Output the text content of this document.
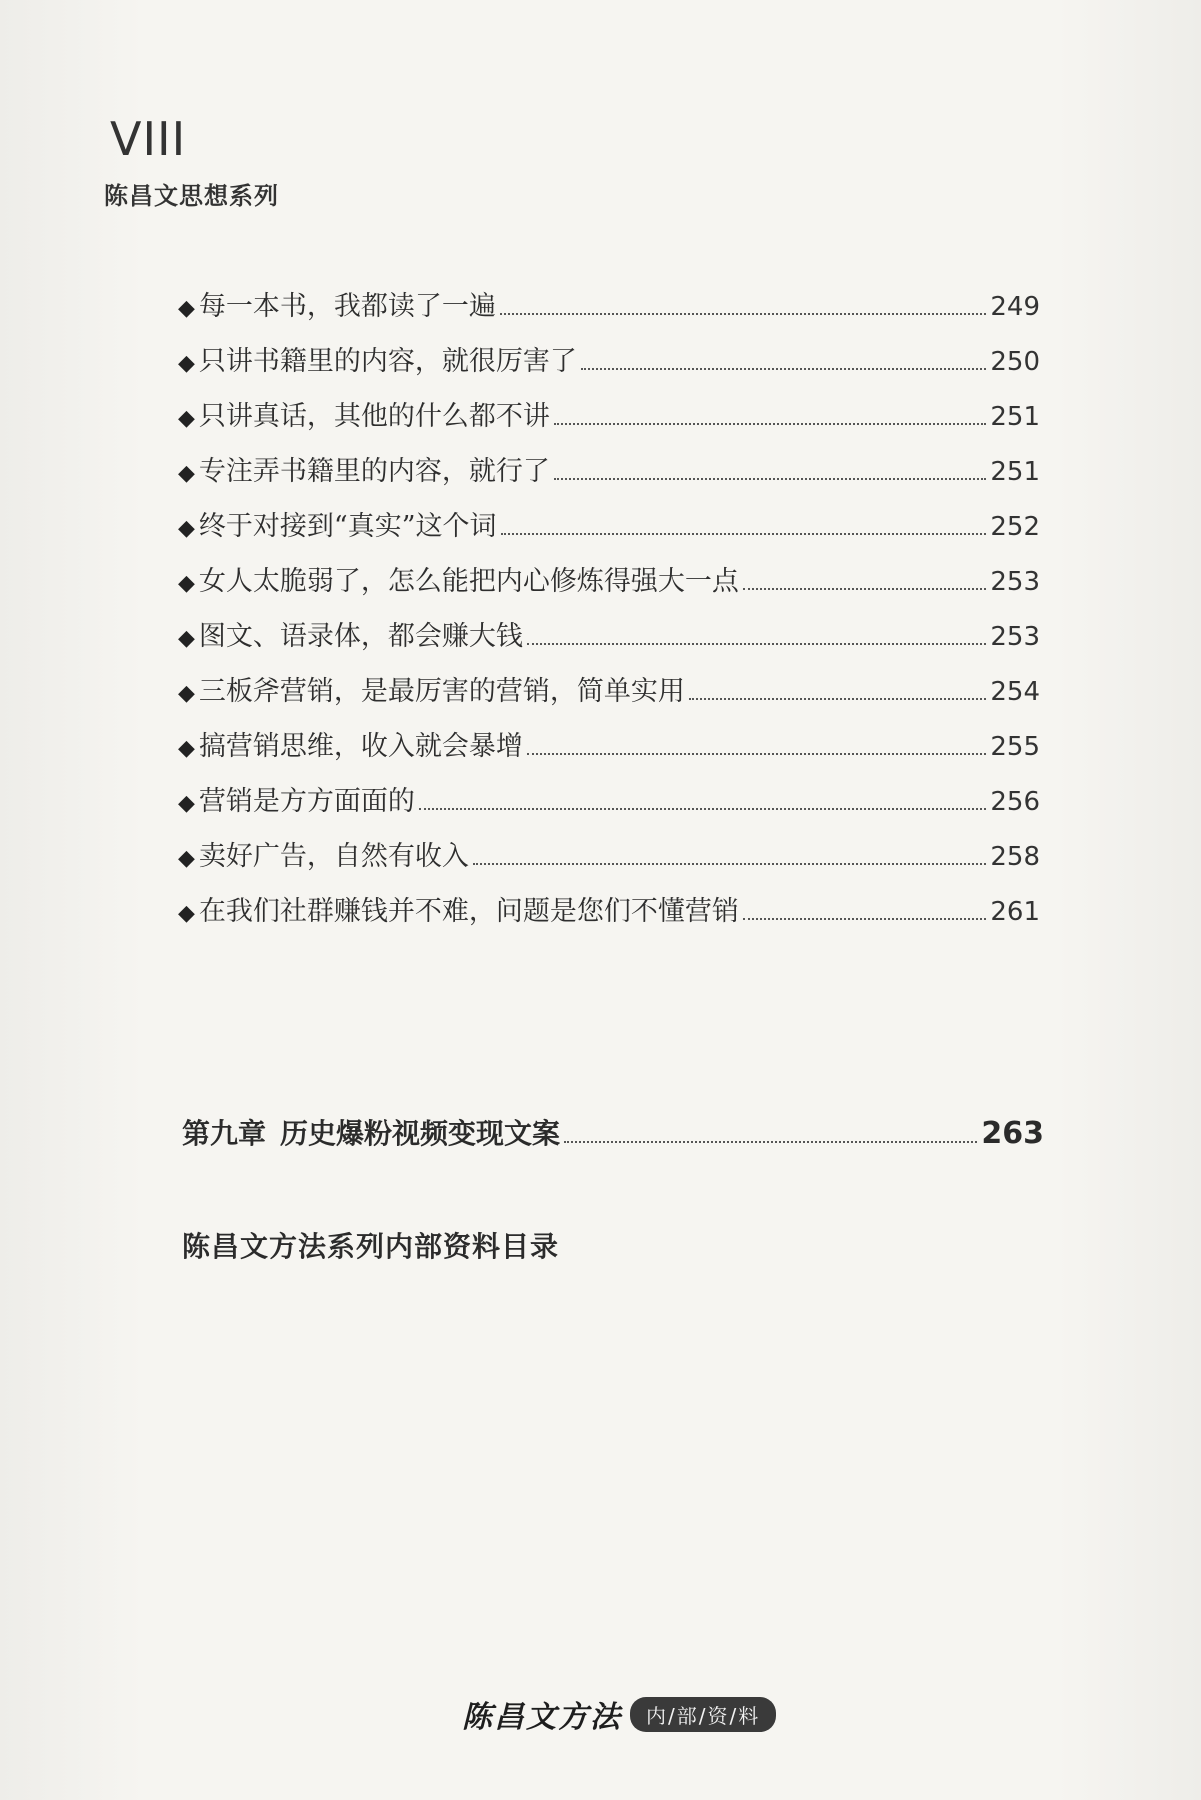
VIII
陈昌文思想系列
◆ 每一本书，我都读了一遍	249
◆ 只讲书籍里的内容，就很厉害了	250
◆ 只讲真话，其他的什么都不讲	251
◆ 专注弄书籍里的内容，就行了	251
◆ 终于对接到“真实”这个词	252
◆ 女人太脆弱了，怎么能把内心修炼得强大一点	253
◆ 图文、语录体，都会赚大钱	253
◆ 三板斧营销，是最厉害的营销，简单实用	254
◆ 搞营销思维，收入就会暴增	255
◆ 营销是方方面面的	256
◆ 卖好广告，自然有收入	258
◆ 在我们社群赚钱并不难，问题是您们不懂营销	261
第九章 历史爆粉视频变现文案	263
陈昌文方法系列内部资料目录
陈昌文方法	内/部/资/料
